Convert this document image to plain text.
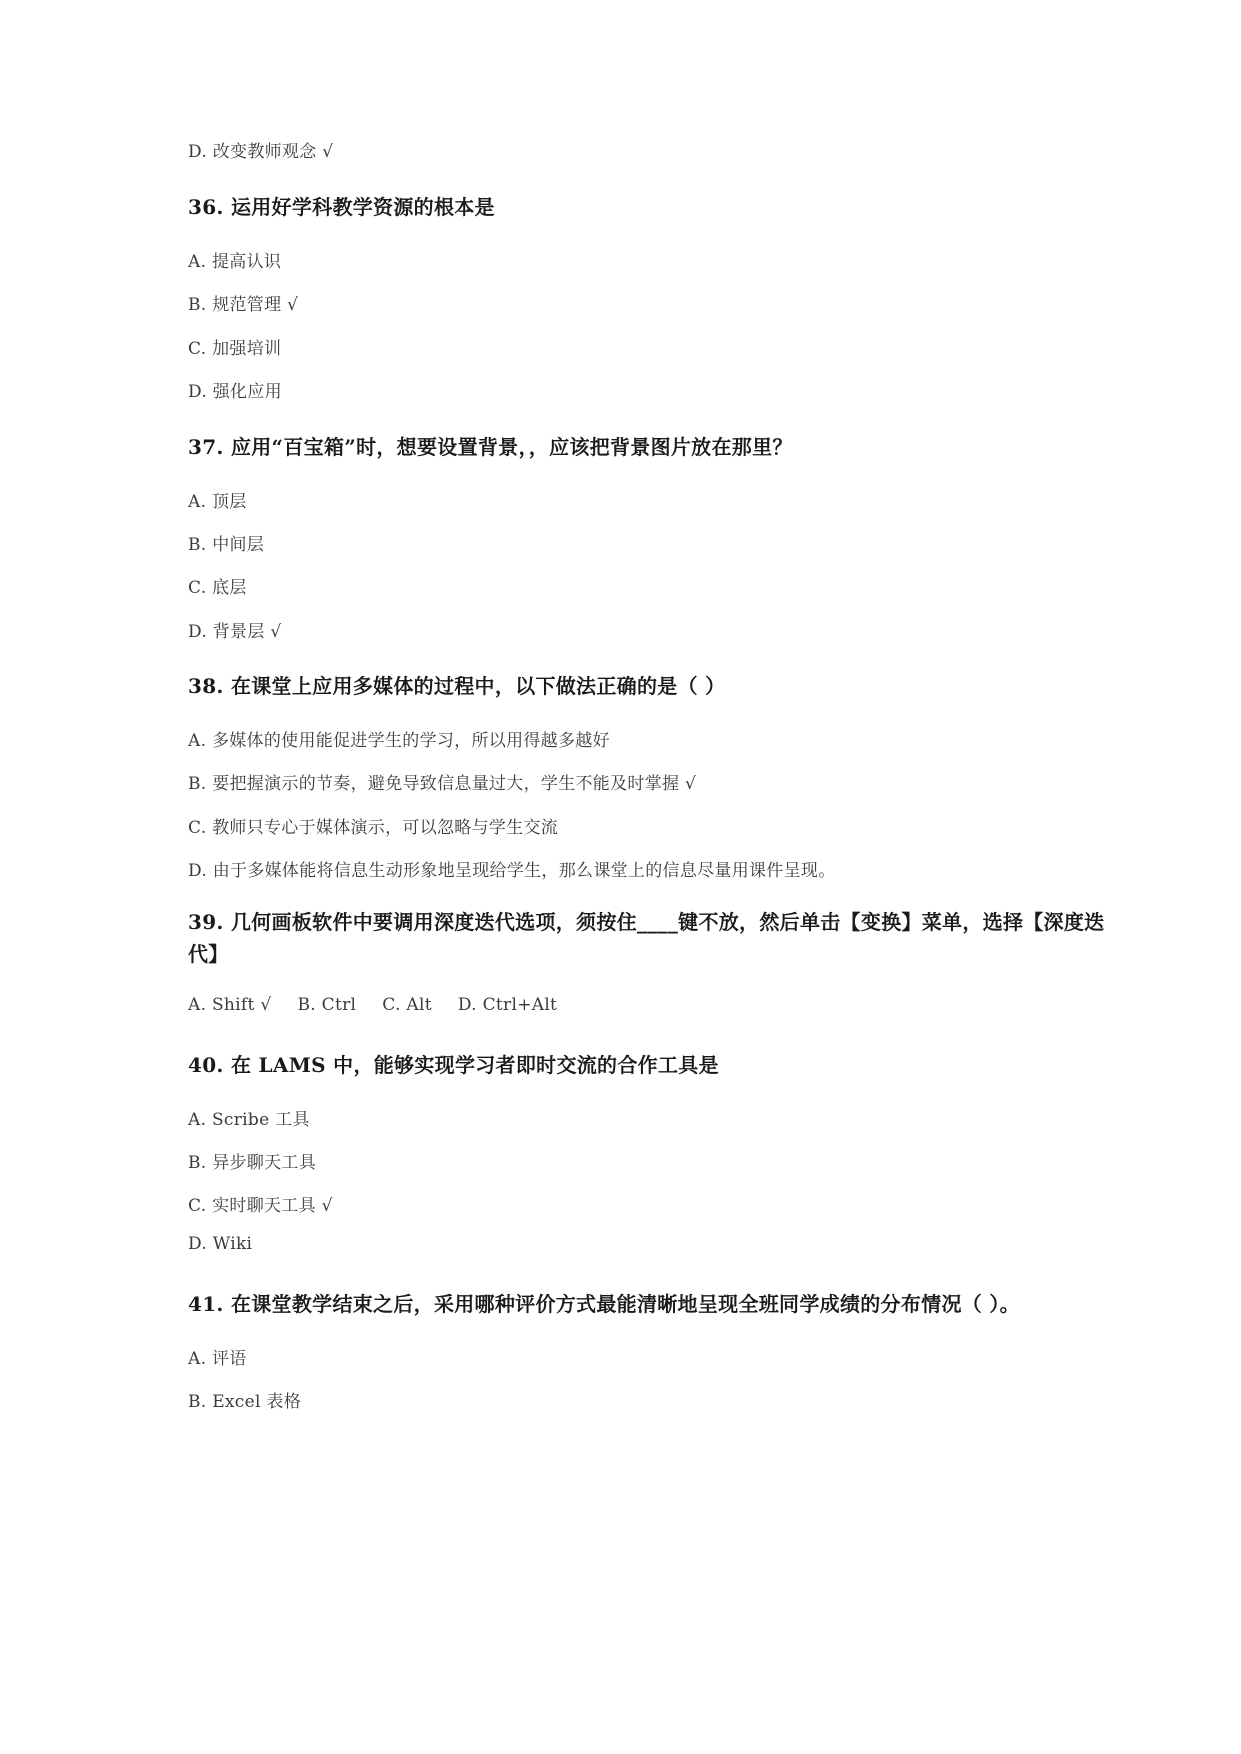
D. 改变教师观念 √
36. 运用好学科教学资源的根本是
A. 提高认识
B. 规范管理 √
C. 加强培训
D. 强化应用
37. 应用“百宝箱”时，想要设置背景，，应该把背景图片放在那里？
A. 顶层
B. 中间层
C. 底层
D. 背景层 √
38. 在课堂上应用多媒体的过程中，以下做法正确的是（ ）
A. 多媒体的使用能促进学生的学习，所以用得越多越好
B. 要把握演示的节奏，避免导致信息量过大，学生不能及时掌握 √
C. 教师只专心于媒体演示，可以忽略与学生交流
D. 由于多媒体能将信息生动形象地呈现给学生，那么课堂上的信息尽量用课件呈现。
39. 几何画板软件中要调用深度迭代选项，须按住____键不放，然后单击【变换】菜单，选择【深度迭代】
A. Shift √ B. Ctrl C. Alt D. Ctrl+Alt
40. 在 LAMS 中，能够实现学习者即时交流的合作工具是
A. Scribe 工具
B. 异步聊天工具
C. 实时聊天工具 √
D. Wiki
41. 在课堂教学结束之后，采用哪种评价方式最能清晰地呈现全班同学成绩的分布情况（ ）。
A. 评语
B. Excel 表格
